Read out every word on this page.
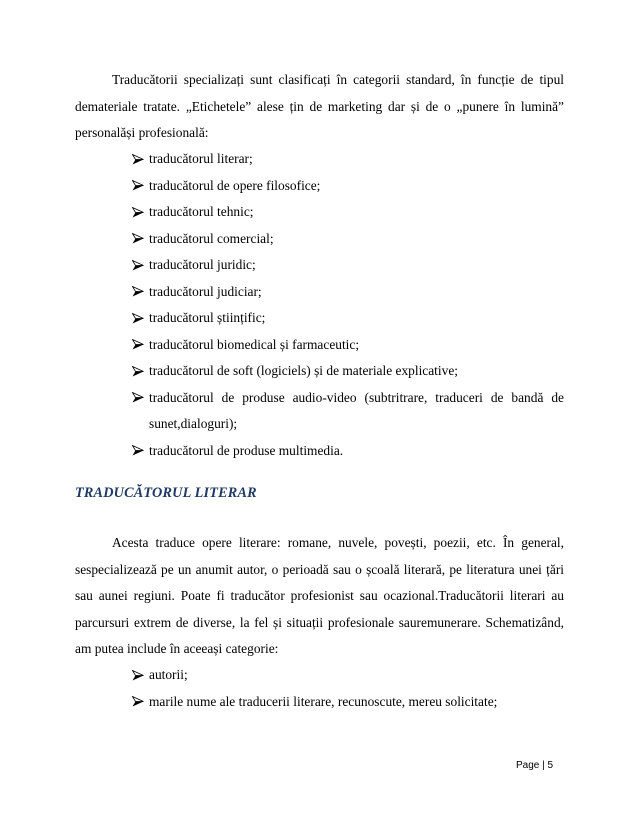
Traducătorii specializați sunt clasificați în categorii standard, în funcție de tipul dematerialе tratate. „Etichetele” alese țin de marketing dar și de o „punere în lumină” personalăși profesională:

traducătorul literar;
traducătorul de opere filosofice;
traducătorul tehnic;
traducătorul comercial;
traducătorul juridic;
traducătorul judiciar;
traducătorul științific;
traducătorul biomedical și farmaceutic;
traducătorul de soft (logiciels) și de materiale explicative;
traducătorul de produse audio-video (subtritrare, traduceri de bandă de sunet,dialoguri);
traducătorul de produse multimedia.
TRADUCĂTORUL LITERAR

Acesta traduce opere literare: romane, nuvele, povești, poezii, etc. În general, sespecializează pe un anumit autor, o perioadă sau o școală literară, pe literatura unei țări sau aunei regiuni. Poate fi traducător profesionist sau ocazional.Traducătorii literari au parcursuri extrem de diverse, la fel și situații profesionale sauremunerare. Schematizând, am putea include în aceeași categorie:

autorii;
marile nume ale traducerii literare, recunoscute, mereu solicitate;
Page | 5
